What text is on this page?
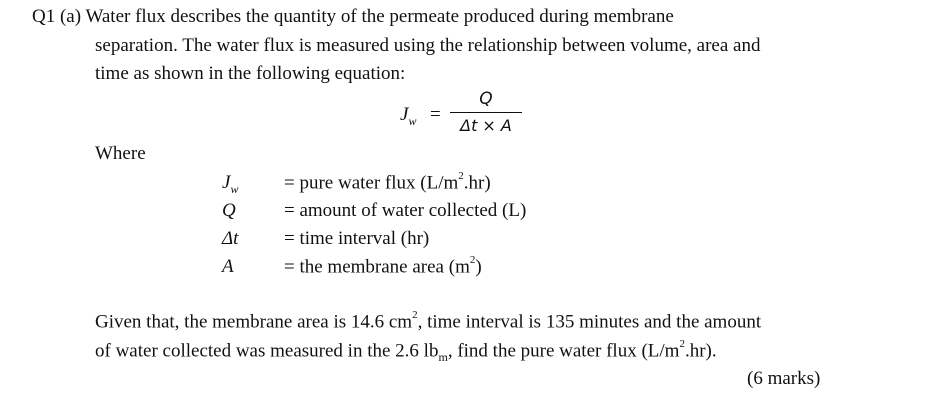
Q1 (a) Water flux describes the quantity of the permeate produced during membrane
separation. The water flux is measured using the relationship between volume, area and
time as shown in the following equation:
$J_w$ =
Q
Δt × A
Where
$J_w$ = pure water flux $(L/m^2.hr)$
Q	= amount of water collected (L)
Δt = time interval (hr)
A	= the membrane area $(m^2)$
Given that, the membrane area is 14.6 $cm^2$, time interval is 135 minutes and the amount
of water collected was measured in the 2.6 $lb_m$, find the pure water flux $(L/m^2.hr)$.
(6 marks)
